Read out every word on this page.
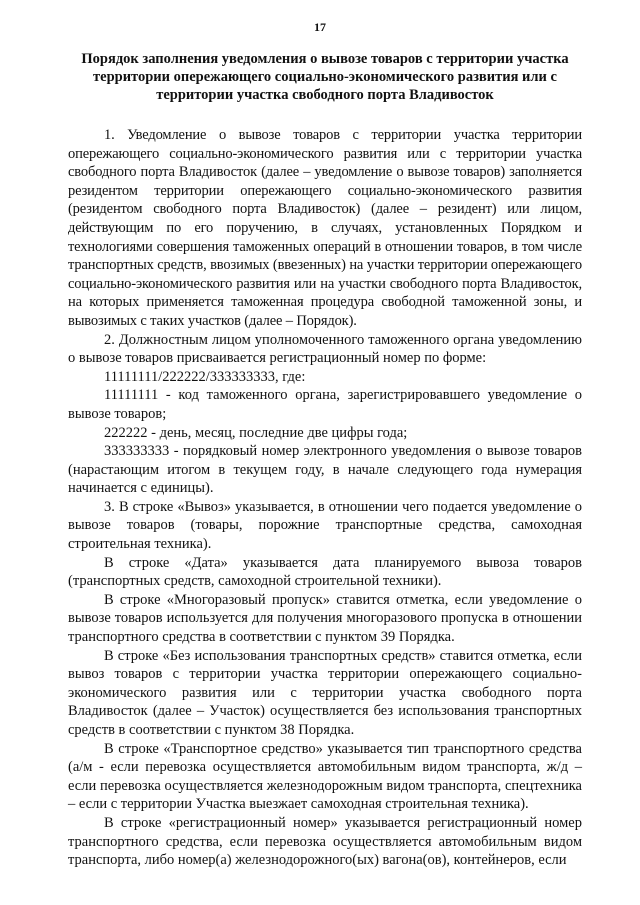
17
Порядок заполнения уведомления о вывозе товаров с территории участка территории опережающего социально-экономического развития или с территории участка свободного порта Владивосток

1. Уведомление о вывозе товаров с территории участка территории опережающего социально-экономического развития или с территории участка свободного порта Владивосток (далее – уведомление о вывозе товаров) заполняется резидентом территории опережающего социально-экономического развития (резидентом свободного порта Владивосток) (далее – резидент) или лицом, действующим по его поручению, в случаях, установленных Порядком и технологиями совершения таможенных операций в отношении товаров, в том числе транспортных средств, ввозимых (ввезенных) на участки территории опережающего социально-экономического развития или на участки свободного порта Владивосток, на которых применяется таможенная процедура свободной таможенной зоны, и вывозимых с таких участков (далее – Порядок).

2. Должностным лицом уполномоченного таможенного органа уведомлению о вывозе товаров присваивается регистрационный номер по форме:

11111111/222222/333333333, где:

11111111 - код таможенного органа, зарегистрировавшего уведомление о вывозе товаров;

222222 - день, месяц, последние две цифры года;

333333333 - порядковый номер электронного уведомления о вывозе товаров (нарастающим итогом в текущем году, в начале следующего года нумерация начинается с единицы).

3. В строке «Вывоз» указывается, в отношении чего подается уведомление о вывозе товаров (товары, порожние транспортные средства, самоходная строительная техника).

В строке «Дата» указывается дата планируемого вывоза товаров (транспортных средств, самоходной строительной техники).

В строке «Многоразовый пропуск» ставится отметка, если уведомление о вывозе товаров используется для получения многоразового пропуска в отношении транспортного средства в соответствии с пунктом 39 Порядка.

В строке «Без использования транспортных средств» ставится отметка, если вывоз товаров с территории участка территории опережающего социально-экономического развития или с территории участка свободного порта Владивосток (далее – Участок) осуществляется без использования транспортных средств в соответствии с пунктом 38 Порядка.

В строке «Транспортное средство» указывается тип транспортного средства (а/м - если перевозка осуществляется автомобильным видом транспорта, ж/д – если перевозка осуществляется железнодорожным видом транспорта, спецтехника – если с территории Участка выезжает самоходная строительная техника).

В строке «регистрационный номер» указывается регистрационный номер транспортного средства, если перевозка осуществляется автомобильным видом транспорта, либо номер(а) железнодорожного(ых) вагона(ов), контейнеров, если
